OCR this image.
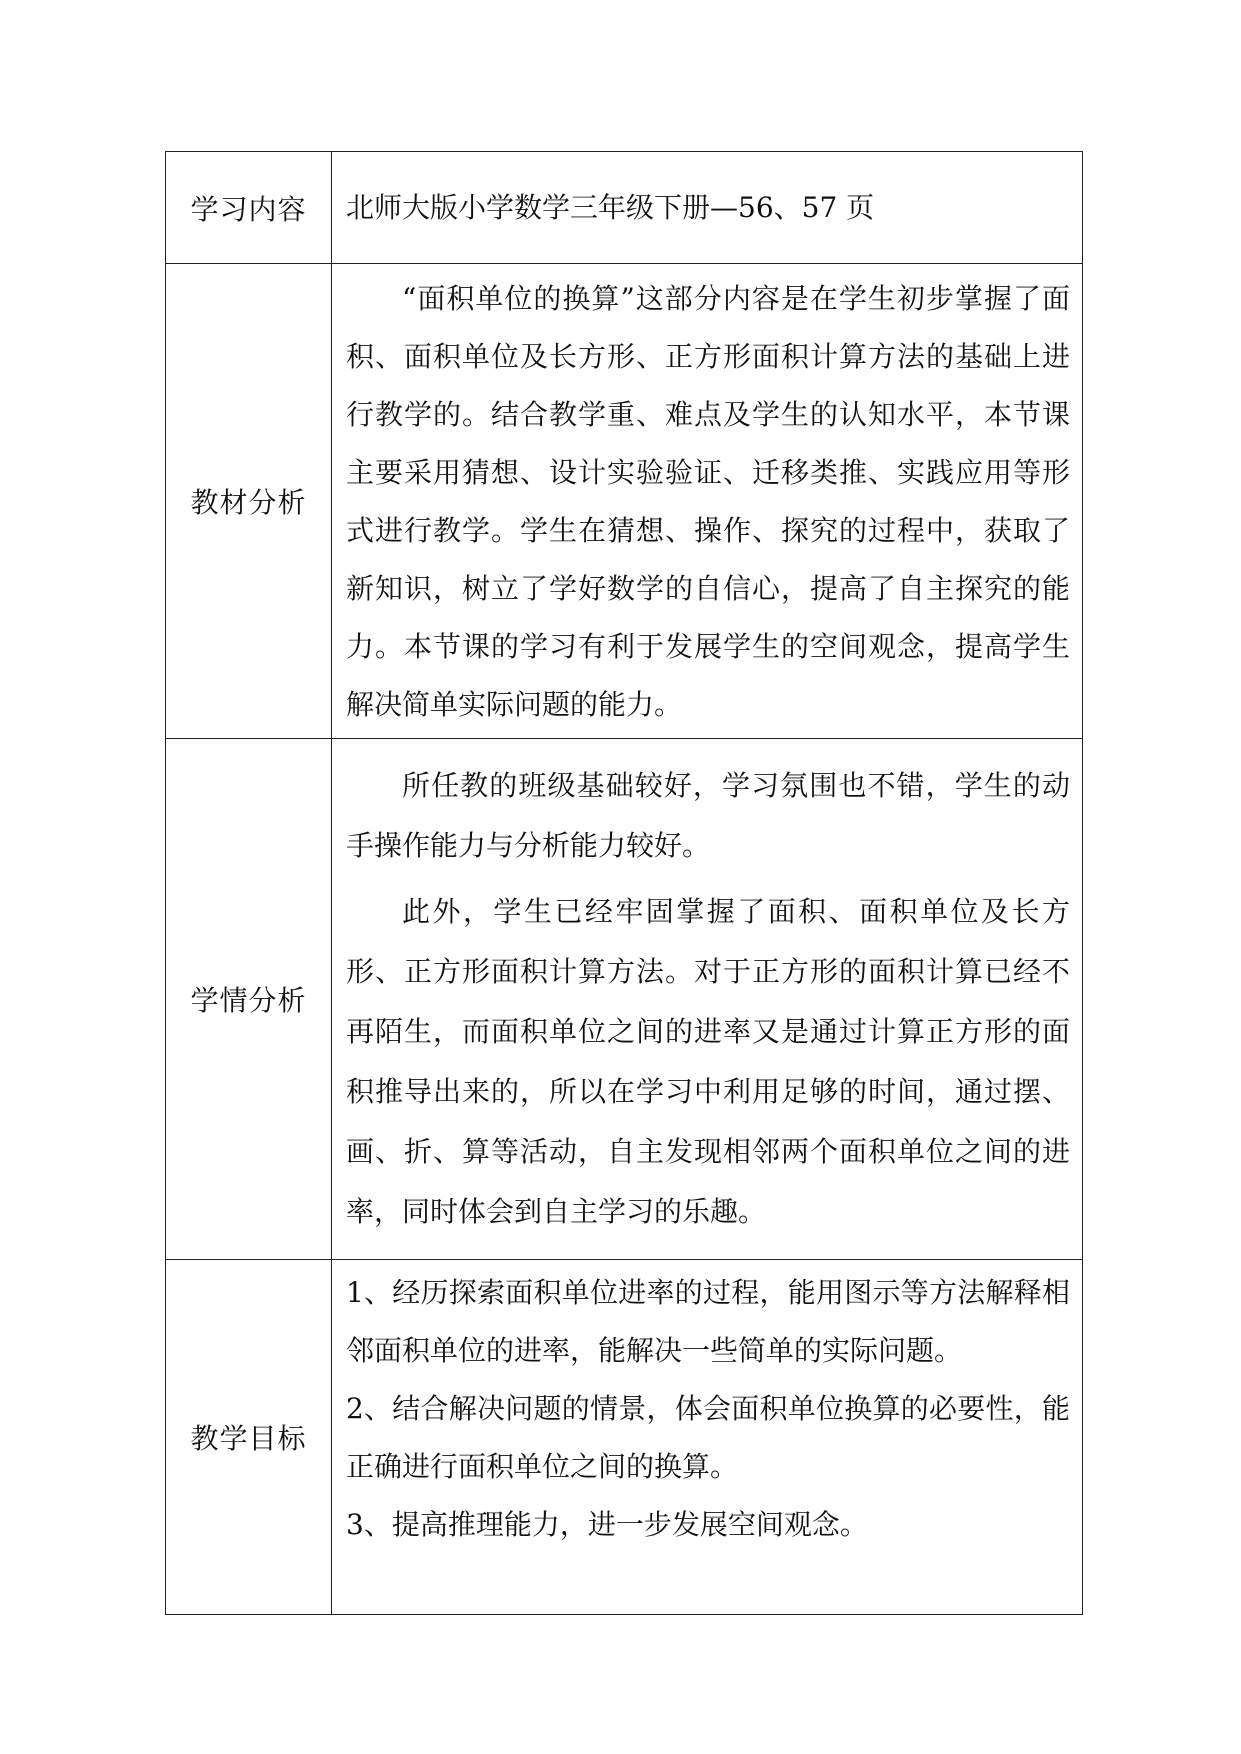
学习内容	北师大版小学数学三年级下册—56、57 页
教材分析	“面积单位的换算”这部分内容是在学生初步掌握了面积、面积单位及长方形、正方形面积计算方法的基础上进行教学的。结合教学重、难点及学生的认知水平，本节课主要采用猜想、设计实验验证、迁移类推、实践应用等形式进行教学。学生在猜想、操作、探究的过程中，获取了新知识，树立了学好数学的自信心，提高了自主探究的能力。本节课的学习有利于发展学生的空间观念，提高学生解决简单实际问题的能力。

学情分析	所任教的班级基础较好，学习氛围也不错，学生的动手操作能力与分析能力较好。

此外，学生已经牢固掌握了面积、面积单位及长方形、正方形面积计算方法。对于正方形的面积计算已经不再陌生，而面积单位之间的进率又是通过计算正方形的面积推导出来的，所以在学习中利用足够的时间，通过摆、画、折、算等活动，自主发现相邻两个面积单位之间的进率，同时体会到自主学习的乐趣。

教学目标	1、经历探索面积单位进率的过程，能用图示等方法解释相邻面积单位的进率，能解决一些简单的实际问题。

2、结合解决问题的情景，体会面积单位换算的必要性，能正确进行面积单位之间的换算。

3、提高推理能力，进一步发展空间观念。
